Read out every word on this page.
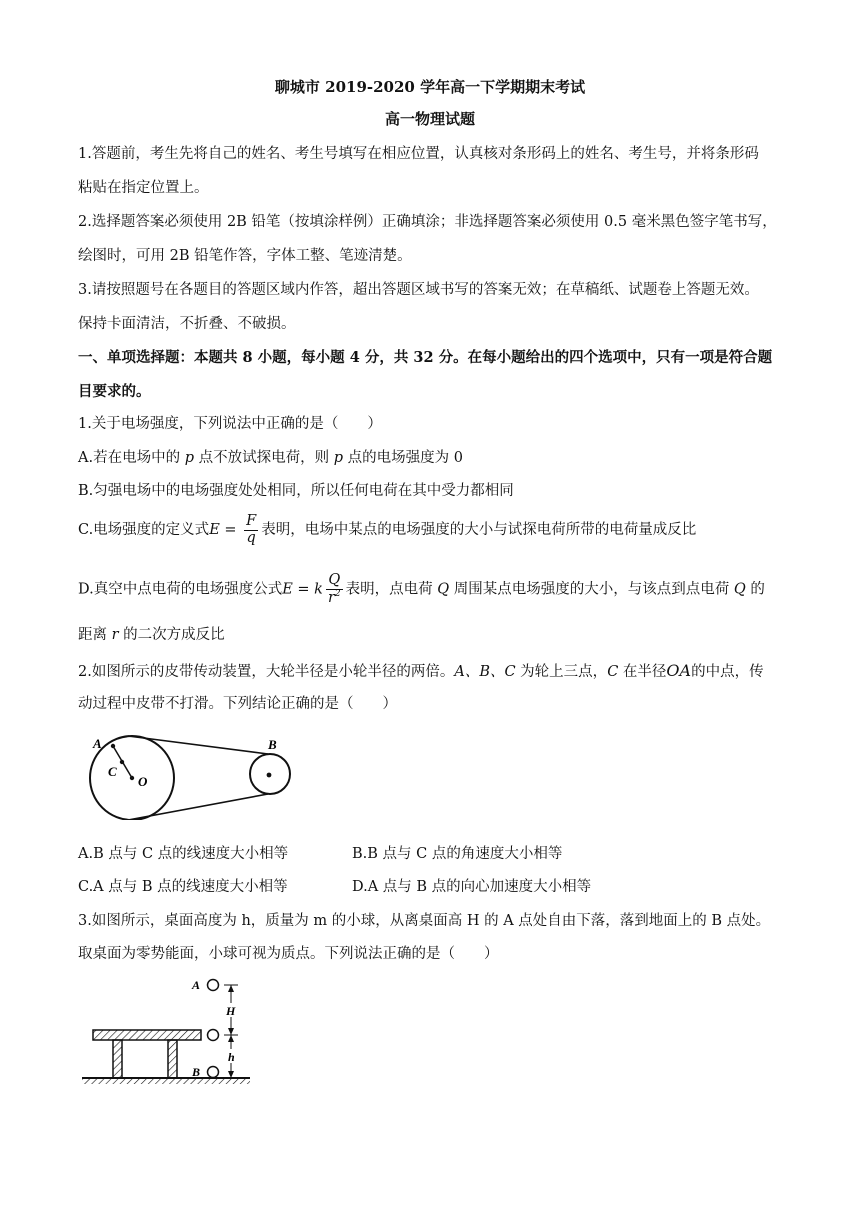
聊城市 2019-2020 学年高一下学期期末考试
高一物理试题
1.答题前，考生先将自己的姓名、考生号填写在相应位置，认真核对条形码上的姓名、考生号，并将条形码
粘贴在指定位置上。
2.选择题答案必须使用 2B 铅笔（按填涂样例）正确填涂；非选择题答案必须使用 0.5 毫米黑色签字笔书写，
绘图时，可用 2B 铅笔作答，字体工整、笔迹清楚。
3.请按照题号在各题目的答题区域内作答，超出答题区域书写的答案无效；在草稿纸、试题卷上答题无效。
保持卡面清洁，不折叠、不破损。
一、单项选择题：本题共 8 小题，每小题 4 分，共 32 分。在每小题给出的四个选项中，只有一项是符合题
目要求的。
1.关于电场强度，下列说法中正确的是（　　）
A.若在电场中的 p 点不放试探电荷，则 p 点的电场强度为 0
B.匀强电场中的电场强度处处相同，所以任何电荷在其中受力都相同
C.电场强度的定义式$E = \frac{F}{q}$ 表明，电场中某点的电场强度的大小与试探电荷所带的电荷量成反比
D.真空中点电荷的电场强度公式E = k $\frac{Q}{r^2}$ 表明，点电荷 Q 周围某点电场强度的大小，与该点到点电荷 Q 的
距离 r 的二次方成反比
2.如图所示的皮带传动装置，大轮半径是小轮半径的两倍。A、B、C 为轮上三点，C 在半径OA的中点，传
动过程中皮带不打滑。下列结论正确的是（　　）
A
C
O
B
A.B 点与 C 点的线速度大小相等	B.B 点与 C 点的角速度大小相等
C.A 点与 B 点的线速度大小相等	D.A 点与 B 点的向心加速度大小相等
3.如图所示，桌面高度为 h，质量为 m 的小球，从离桌面高 H 的 A 点处自由下落，落到地面上的 B 点处。
取桌面为零势能面，小球可视为质点。下列说法正确的是（　　）
H
h
A
B
